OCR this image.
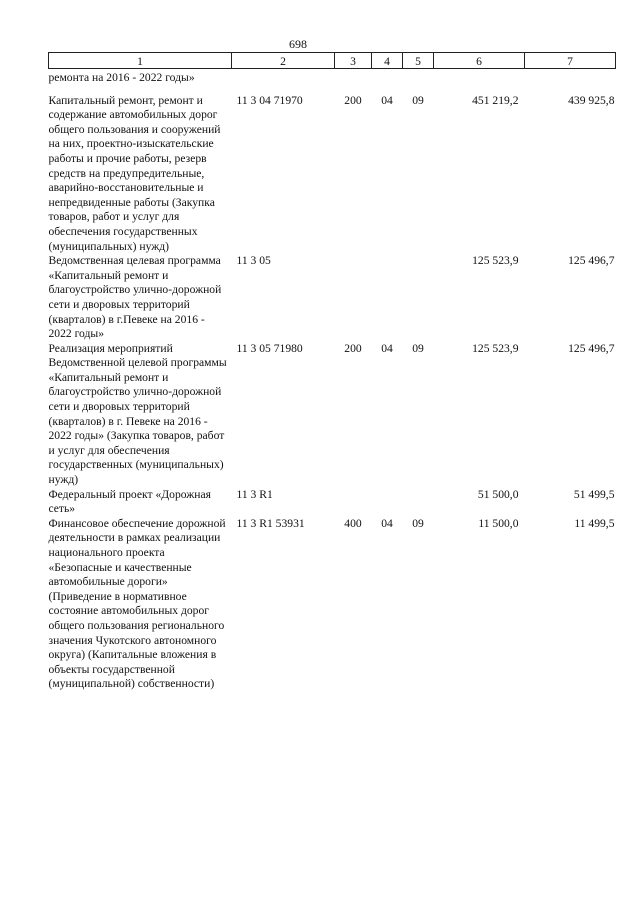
698
1	2	3	4	5	6	7
ремонта на 2016 - 2022 годы»						
Капитальный ремонт, ремонт и содержание автомобильных дорог общего пользования и сооружений на них, проектно-изыскательские работы и прочие работы, резерв средств на предупредительные, аварийно-восстановительные и непредвиденные работы (Закупка товаров, работ и услуг для обеспечения государственных (муниципальных) нужд)	11 3 04 71970	200	04	09	451 219,2	439 925,8
Ведомственная целевая программа «Капитальный ремонт и благоустройство улично-дорожной сети и дворовых территорий (кварталов) в г.Певеке на 2016 - 2022 годы»	11 3 05				125 523,9	125 496,7
Реализация мероприятий Ведомственной целевой программы «Капитальный ремонт и благоустройство улично-дорожной сети и дворовых территорий (кварталов) в г. Певеке на 2016 - 2022 годы» (Закупка товаров, работ и услуг для обеспечения государственных (муниципальных) нужд)	11 3 05 71980	200	04	09	125 523,9	125 496,7
Федеральный проект «Дорожная сеть»	11 3 R1				51 500,0	51 499,5
Финансовое обеспечение дорожной деятельности в рамках реализации национального проекта «Безопасные и качественные автомобильные дороги» (Приведение в нормативное состояние автомобильных дорог общего пользования регионального значения Чукотского автономного округа) (Капитальные вложения в объекты государственной (муниципальной) собственности)	11 3 R1 53931	400	04	09	11 500,0	11 499,5
